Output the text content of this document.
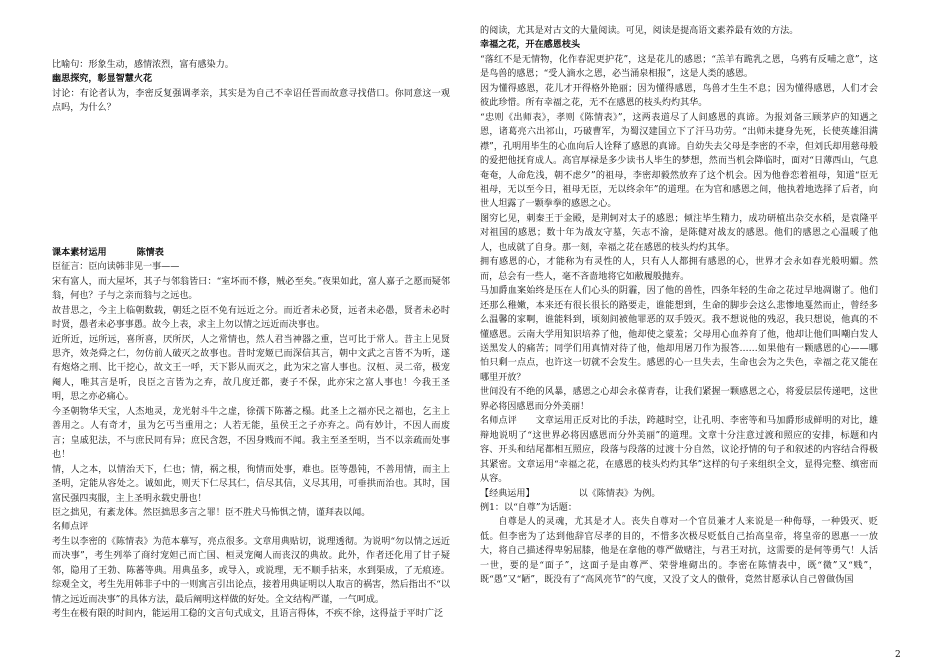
比喻句：形象生动，感情浓烈，富有感染力。

幽思探究，彰显智慧火花

讨论：有论者认为，李密反复强调孝亲，其实是为自己不幸诏任晋而故意寻找借口。你同意这一观点吗，为什么？

课本素材运用	陈情表

臣征言：臣向读韩非见一事——

宋有富人，而大屋坏，其子与邻翁皆曰：“室坏而不修，贼必至矣。”夜果如此，富人嘉子之愿而疑邻翁，何也？子与之亲而翁与之远也。

故昔思之，今主上临朝数载，朝廷之臣不免有远近之分。而近者未必贤，远者未必愚，贤者未必时时贤，愚者未必事事愚。故今上表，求主上勿以情之远近而决事也。

近所近，远所远，喜所喜，厌所厌，人之常情也，然人君当神器之重，岂可比于常人。昔主上见贤思齐，效尧舜之仁，勿仿前人破灭之故事也。昔时宠姬已而深信其言，朝中文武之言皆不为听，遂有炮烙之刑、比干挖心，故文王一呼，天下影从而灭之，此为宋之富人事也。汉桓、灵二帝，极宠阉人，唯其言是听，良臣之言皆为之弃，故几度迁都，妻子不保，此亦宋之富人事也！今我王圣明，思之亦必痛心。

今圣朝物华天宝，人杰地灵，龙光射斗牛之虚，徐孺下陈蕃之榻。此圣上之福亦民之福也，乞主上善用之。人有奇才，虽为乞丐当重用之；人若无能，虽侯王之子亦弃之。尚有妙计，不因人而废言；皇戚犯法，不与庶民同有异；庶民含怨，不因身贱而不闻。我主至圣至明，当不以亲疏而处事也！

情，人之本，以情治天下，仁也；情，祸之根，徇情而处事，难也。臣等愚钝，不善用情，而主上圣明，定能从容处之。诚如此，则天下仁尽其仁，信尽其信，义尽其用，可垂拱而治也。其时，国富民强四夷服，主上圣明永载史册也！

臣之拙见，有紊龙体。然臣拙思多言之罪！臣不胜犬马怖惧之情，谨拜表以闻。

名师点评

考生以李密的《陈情表》为范本摹写，亮点很多。文章用典贴切，说理透彻。为说明“勿以情之远近而决事”，考生列举了商纣宠妲己而亡国、桓灵宠阉人而丧汉的典故。此外，作者还化用了甘子疑邻，隐用了王勃、陈蕃等典。用典虽多，或导入，或说理，无不顺手拈来，水到渠成，了无痕迹。综观全文，考生先用韩非子中的一则寓言引出论点，接着用典证明以人取言的祸害，然后指出不“以情之远近而决事”的具体方法，最后阐明这样做的好处。全文结构严谨，一气呵成。

考生在极有限的时间内，能运用工稳的文言句式成文，且语言得体，不疾不徐，这得益于平时广泛

的阅读，尤其是对古文的大量阅读。可见，阅读是提高语文素养最有效的方法。

幸福之花，开在感恩枝头

“落红不是无情物，化作春泥更护花”，这是花儿的感恩；“羔羊有跪乳之恩，乌鸦有反哺之意”，这是鸟兽的感恩；“受人滴水之恩，必当涌泉相报”，这是人类的感恩。

因为懂得感恩，花儿才开得格外艳丽；因为懂得感恩，鸟兽才生生不息；因为懂得感恩，人们才会彼此珍惜。所有幸福之花，无不在感恩的枝头灼灼其华。

“忠则《出师表》，孝则《陈情表》”，这两表道尽了人间感恩的真谛。为报刘备三顾茅庐的知遇之恩，诸葛亮六出祁山，巧破曹军，为蜀汉建国立下了汗马功劳。“出师未捷身先死，长使英雄泪满襟”，孔明用毕生的心血向后人诠释了感恩的真谛。自幼失去父母是李密的不幸，但刘氏却用慈母般的爱把他抚育成人。高官厚禄是多少读书人毕生的梦想，然而当机会降临时，面对“日薄西山，气息奄奄，人命危浅，朝不虑夕”的祖母，李密却毅然放弃了这个机会。因为他眷恋着祖母，知道“臣无祖母，无以至今日，祖母无臣，无以终余年”的道理。在为官和感恩之间，他执着地选择了后者，向世人坦露了一颗拳拳的感恩之心。

图穷匕见，刺秦王于金殿，是荆轲对太子的感恩；倾注毕生精力，成功研植出杂交水稻，是袁隆平对祖国的感恩；数十年为战友守墓，矢志不渝，是陈健对战友的感恩。他们的感恩之心温暖了他人，也成就了自身。那一刻，幸福之花在感恩的枝头灼灼其华。

拥有感恩的心，才能称为有灵性的人，只有人人都拥有感恩的心，世界才会永如春光般明媚。然而，总会有一些人，毫不吝啬地将它如敝履般抛弃。

马加爵血案始终是压在人们心头的阴霾，因了他的兽性，四条年轻的生命之花过早地凋谢了。他们还那么稚嫩，本来还有很长很长的路要走，谁能想到，生命的脚步会这么悲惨地戛然而止，曾经多么温馨的家啊，谁能料到，顷刻间被他罪恶的双手毁灭。我不想说他的残忍，我只想说，他真的不懂感恩。云南大学用知识培养了他，他却使之蒙羞；父母用心血养育了他，他却让他们叫嘲白发人送黑发人的痛苦；同学们用真情对待了他，他却用屠刀作为报答……如果他有一颗感恩的心——哪怕只剩一点点，也许这一切就不会发生。感恩的心一旦失去，生命也会为之失色，幸福之花又能在哪里开放？

世间没有不绝的风暴，感恩之心却会永葆青春，让我们紧握一颗感恩之心，将爱层层传递吧，这世界必将因感恩而分外美丽！

名师点评　　文章运用正反对比的手法，跨越时空，让孔明、李密等和马加爵形成鲜明的对比，雄辩地说明了“这世界必将因感恩而分外美丽”的道理。文章十分注意过渡和照应的安排，标题和内容、开头和结尾都相互照应，段落与段落的过渡十分自然，议论抒情的句子和叙述的内容结合得极其紧密。文章运用“幸福之花，在感恩的枝头灼灼其华”这样的句子来组织全文，显得完整、缜密而从容。

【经典运用】	以《陈情表》为例。

例1：以“自尊”为话题：

自尊是人的灵魂，尤其是才人。丧失自尊对一个官员兼才人来说是一种侮辱，一种毁灭、贬低。但李密为了达到他辞官尽孝的目的，不惜多次极尽贬低自己抬高皇帝，将皇帝的恩惠一一放大，将自己描述得卑躬屈膝，他是在拿他的尊严做赌注，与君王对抗，这需要的是何等勇气！人活一世，要的是“面子”，这面子是由尊严、荣誉堆砌出的。李密在陈情表中，既“微”又“贱”，既“愚”又“陋”，既没有了“高风亮节”的气度，又没了文人的傲骨，竟然甘愿承认自己曾做伪国

2
